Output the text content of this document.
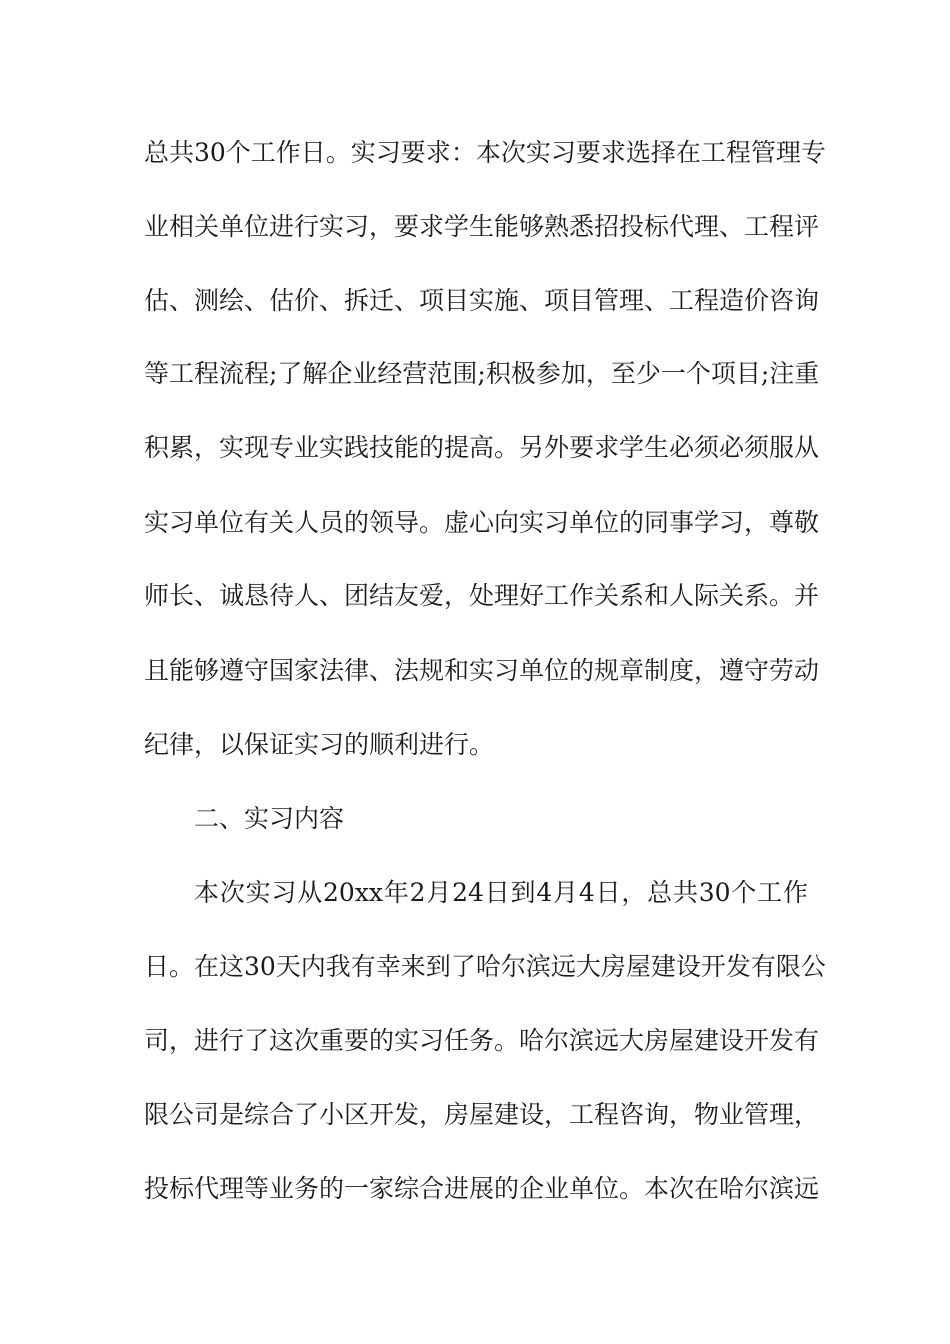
总共30个工作日。实习要求：本次实习要求选择在工程管理专
业相关单位进行实习，要求学生能够熟悉招投标代理、工程评
估、测绘、估价、拆迁、项目实施、项目管理、工程造价咨询
等工程流程;了解企业经营范围;积极参加，至少一个项目;注重
积累，实现专业实践技能的提高。另外要求学生必须必须服从
实习单位有关人员的领导。虚心向实习单位的同事学习，尊敬
师长、诚恳待人、团结友爱，处理好工作关系和人际关系。并
且能够遵守国家法律、法规和实习单位的规章制度，遵守劳动
纪律，以保证实习的顺利进行。
二、实习内容
本次实习从20xx年2月24日到4月4日，总共30个工作
日。在这30天内我有幸来到了哈尔滨远大房屋建设开发有限公
司，进行了这次重要的实习任务。哈尔滨远大房屋建设开发有
限公司是综合了小区开发，房屋建设，工程咨询，物业管理，
投标代理等业务的一家综合进展的企业单位。本次在哈尔滨远
